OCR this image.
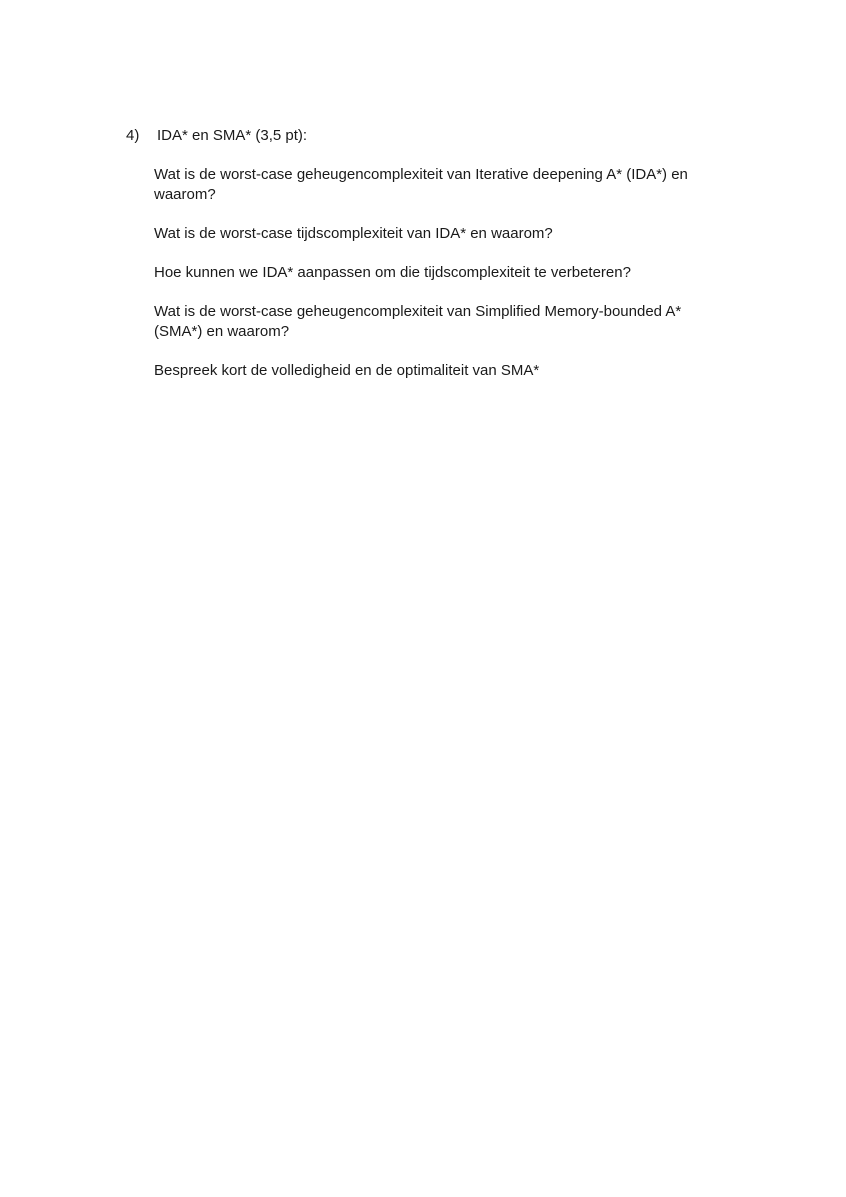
4)	IDA* en SMA* (3,5 pt):
Wat is de worst-case geheugencomplexiteit van Iterative deepening A* (IDA*) en waarom?
Wat is de worst-case tijdscomplexiteit van IDA* en waarom?
Hoe kunnen we IDA* aanpassen om die tijdscomplexiteit te verbeteren?
Wat is de worst-case geheugencomplexiteit van Simplified Memory-bounded A* (SMA*) en waarom?
Bespreek kort de volledigheid en de optimaliteit van SMA*
